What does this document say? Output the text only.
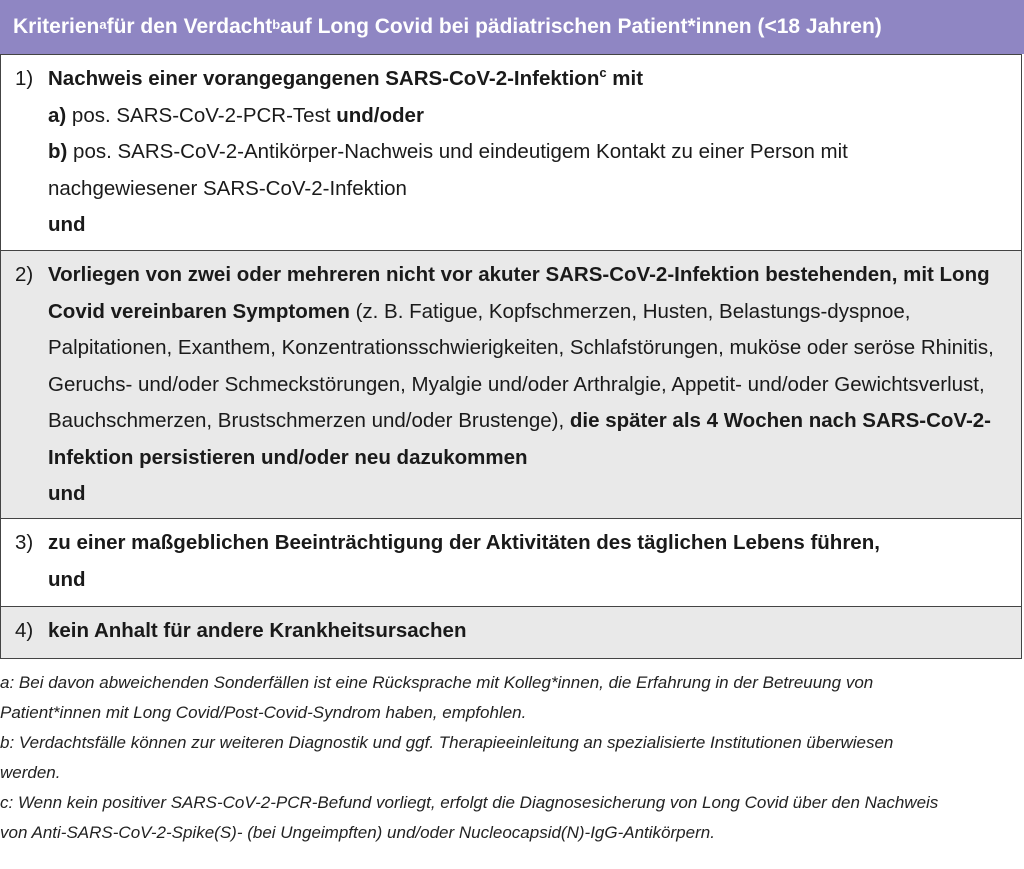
Kriterien$^a$ für den Verdacht$^b$ auf Long Covid bei pädiatrischen Patient*innen (<18 Jahren)
1) Nachweis einer vorangegangenen SARS-CoV-2-Infektion$^c$ mit
a) pos. SARS-CoV-2-PCR-Test und/oder
b) pos. SARS-CoV-2-Antikörper-Nachweis und eindeutigem Kontakt zu einer Person mit nachgewiesener SARS-CoV-2-Infektion
und
2) Vorliegen von zwei oder mehreren nicht vor akuter SARS-CoV-2-Infektion bestehenden, mit Long Covid vereinbaren Symptomen (z. B. Fatigue, Kopfschmerzen, Husten, Belastungs-dyspnoe, Palpitationen, Exanthem, Konzentrationsschwierigkeiten, Schlafstörungen, muköse oder seröse Rhinitis, Geruchs- und/oder Schmeckstörungen, Myalgie und/oder Arthralgie, Appetit- und/oder Gewichtsverlust, Bauchschmerzen, Brustschmerzen und/oder Brustenge), die später als 4 Wochen nach SARS-CoV-2-Infektion persistieren und/oder neu dazukommen
und
3) zu einer maßgeblichen Beeinträchtigung der Aktivitäten des täglichen Lebens führen,
und
4) kein Anhalt für andere Krankheitsursachen
a: Bei davon abweichenden Sonderfällen ist eine Rücksprache mit Kolleg*innen, die Erfahrung in der Betreuung von Patient*innen mit Long Covid/Post-Covid-Syndrom haben, empfohlen.
b: Verdachtsfälle können zur weiteren Diagnostik und ggf. Therapieeinleitung an spezialisierte Institutionen überwiesen werden.
c: Wenn kein positiver SARS-CoV-2-PCR-Befund vorliegt, erfolgt die Diagnosesicherung von Long Covid über den Nachweis von Anti-SARS-CoV-2-Spike(S)- (bei Ungeimpften) und/oder Nucleocapsid(N)-IgG-Antikörpern.
